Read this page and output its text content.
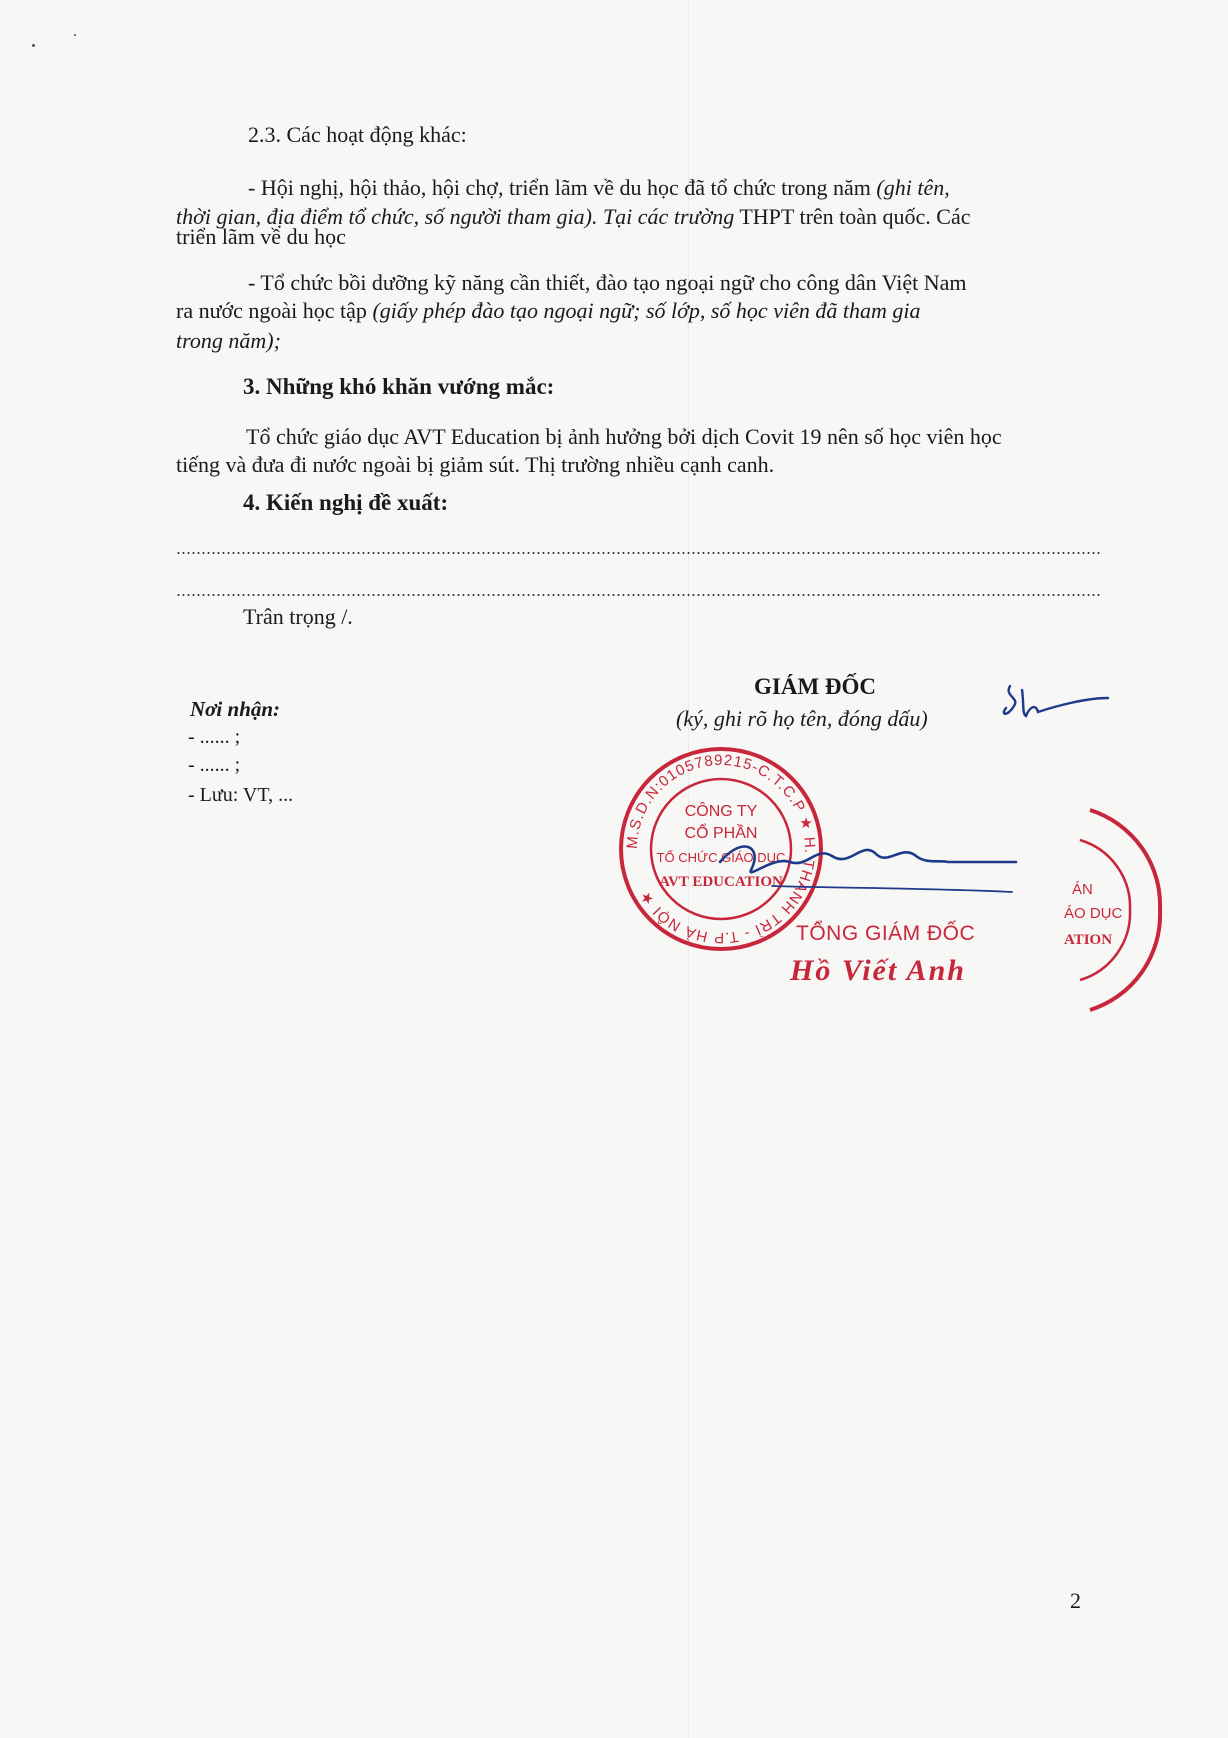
2.3. Các hoạt động khác:
- Hội nghị, hội thảo, hội chợ, triển lãm về du học đã tổ chức trong năm (ghi tên,
thời gian, địa điểm tổ chức, số người tham gia). Tại các trường THPT trên toàn quốc. Các
triển lãm về du học
- Tổ chức bồi dưỡng kỹ năng cần thiết, đào tạo ngoại ngữ cho công dân Việt Nam
ra nước ngoài học tập (giấy phép đào tạo ngoại ngữ; số lớp, số học viên đã tham gia
trong năm);
3. Những khó khăn vướng mắc:
Tổ chức giáo dục AVT Education bị ảnh hưởng bởi dịch Covit 19 nên số học viên học
tiếng và đưa đi nước ngoài bị giảm sút. Thị trường nhiều cạnh canh.
4. Kiến nghị đề xuất:
Trân trọng /.
Nơi nhận:
- ...... ;
- ...... ;
- Lưu: VT, ...
GIÁM ĐỐC
(ký, ghi rõ họ tên, đóng dấu)
M.S.D.N:0105789215-C.T.C.P ★ H. THANH TRÌ - T.P HÀ NỘI ★
CÔNG TY
CỔ PHẦN
TỔ CHỨC GIÁO DỤC
AVT EDUCATION	ÁN
ÁO DỤC
ATION
TỔNG GIÁM ĐỐC
Hồ Viết Anh
2
